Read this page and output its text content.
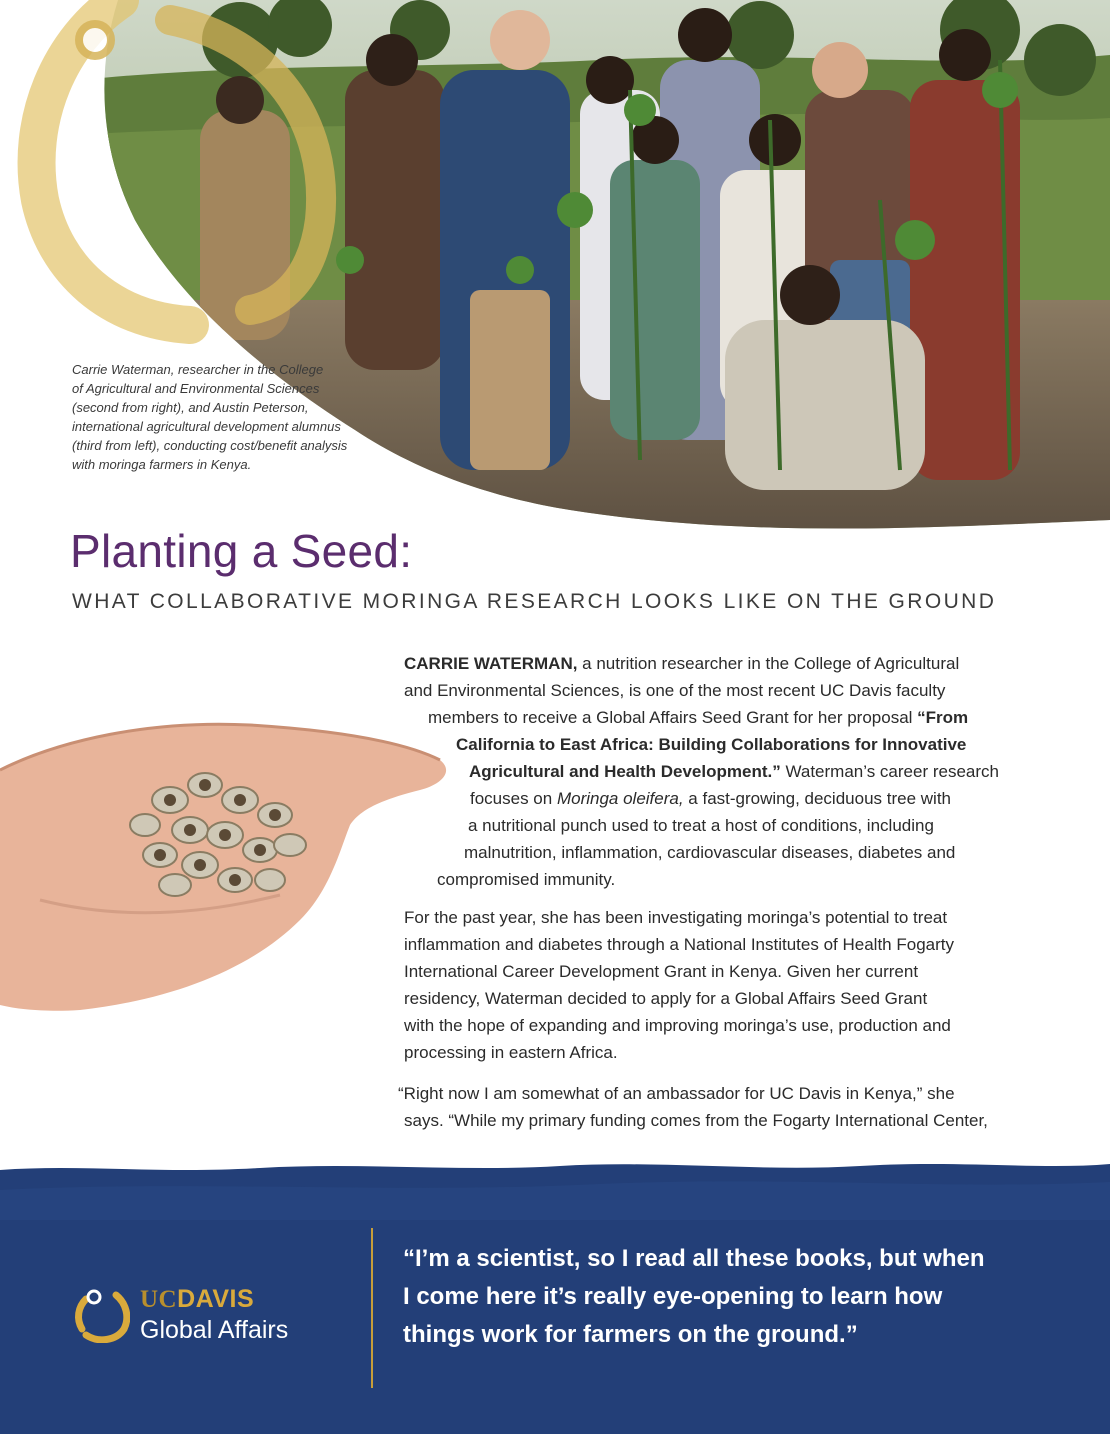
Carrie Waterman, researcher in the College
of Agricultural and Environmental Sciences
(second from right), and Austin Peterson,
international agricultural development alumnus
(third from left), conducting cost/benefit analysis
with moringa farmers in Kenya.
Planting a Seed:
WHAT COLLABORATIVE MORINGA RESEARCH LOOKS LIKE ON THE GROUND
CARRIE WATERMAN, a nutrition researcher in the College of Agricultural
and Environmental Sciences, is one of the most recent UC Davis faculty
members to receive a Global Affairs Seed Grant for her proposal “From
California to East Africa: Building Collaborations for Innovative
Agricultural and Health Development.” Waterman’s career research
focuses on Moringa oleifera, a fast-growing, deciduous tree with
a nutritional punch used to treat a host of conditions, including
malnutrition, inflammation, cardiovascular diseases, diabetes and
compromised immunity.
For the past year, she has been investigating moringa’s potential to treat
inflammation and diabetes through a National Institutes of Health Fogarty
International Career Development Grant in Kenya. Given her current
residency, Waterman decided to apply for a Global Affairs Seed Grant
with the hope of expanding and improving moringa’s use, production and
processing in eastern Africa.
“Right now I am somewhat of an ambassador for UC Davis in Kenya,” she
says. “While my primary funding comes from the Fogarty International Center,
UCDAVIS
Global Affairs
“I’m a scientist, so I read all these books, but when
I come here it’s really eye-opening to learn how
things work for farmers on the ground.”
